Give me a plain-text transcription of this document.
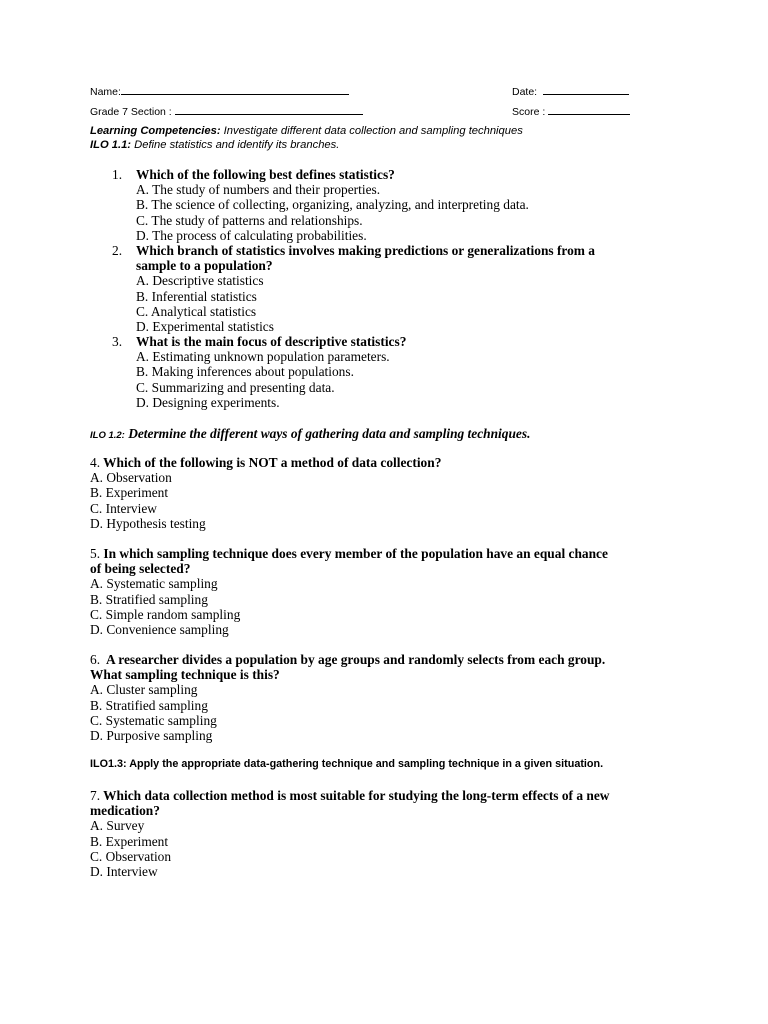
Name:	Date:
Grade 7 Section :	Score :
Learning Competencies: Investigate different data collection and sampling techniques
ILO 1.1: Define statistics and identify its branches.
1. Which of the following best defines statistics?
A. The study of numbers and their properties.
B. The science of collecting, organizing, analyzing, and interpreting data.
C. The study of patterns and relationships.
D. The process of calculating probabilities.
2. Which branch of statistics involves making predictions or generalizations from a
sample to a population?
A. Descriptive statistics
B. Inferential statistics
C. Analytical statistics
D. Experimental statistics
3. What is the main focus of descriptive statistics?
A. Estimating unknown population parameters.
B. Making inferences about populations.
C. Summarizing and presenting data.
D. Designing experiments.
ILO 1.2: Determine the different ways of gathering data and sampling techniques.
4. Which of the following is NOT a method of data collection?
A. Observation
B. Experiment
C. Interview
D. Hypothesis testing
5. In which sampling technique does every member of the population have an equal chance
of being selected?
A. Systematic sampling
B. Stratified sampling
C. Simple random sampling
D. Convenience sampling
6.  A researcher divides a population by age groups and randomly selects from each group.
What sampling technique is this?
A. Cluster sampling
B. Stratified sampling
C. Systematic sampling
D. Purposive sampling
ILO1.3: Apply the appropriate data-gathering technique and sampling technique in a given situation.
7. Which data collection method is most suitable for studying the long-term effects of a new
medication?
A. Survey
B. Experiment
C. Observation
D. Interview
